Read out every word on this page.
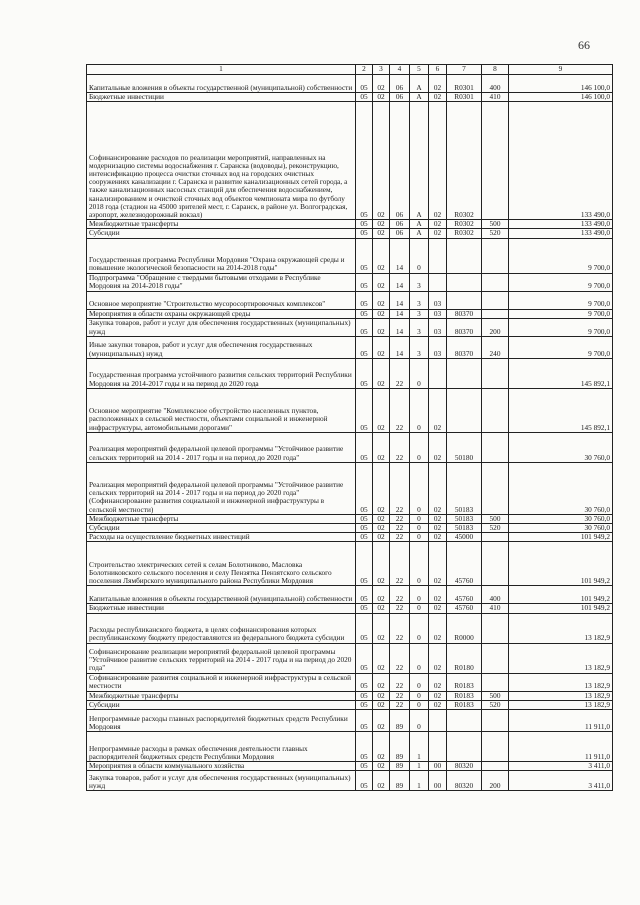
66
1	2	3	4	5	6	7	8	9
Капитальные вложения в объекты государственной (муниципальной) собственности	05	02	06	А	02	R0301	400	146 100,0
Бюджетные инвестиции	05	02	06	А	02	R0301	410	146 100,0
Софинансирование расходов по реализации мероприятий, направленных на модернизацию системы водоснабжения г. Саранска (водоводы), реконструкцию, интенсификацию процесса очистки сточных вод на городских очистных сооружениях канализации г. Саранска и развитие канализационных сетей города, а также канализационных насосных станций для обеспечения водоснабжением, канализированием и очисткой сточных вод объектов чемпионата мира по футболу 2018 года (стадион на 45000 зрителей мест, г. Саранск, в районе ул. Волгоградская, аэропорт, железнодорожный вокзал)	05	02	06	А	02	R0302		133 490,0
Межбюджетные трансферты	05	02	06	А	02	R0302	500	133 490,0
Субсидии	05	02	06	А	02	R0302	520	133 490,0
Государственная программа Республики Мордовия "Охрана окружающей среды и повышение экологической безопасности на 2014-2018 годы"	05	02	14	0				9 700,0
Подпрограмма "Обращение с твердыми бытовыми отходами в Республике Мордовия на 2014-2018 годы"	05	02	14	3				9 700,0
Основное мероприятие "Строительство мусоросортировочных комплексов"	05	02	14	3	03			9 700,0
Мероприятия в области охраны окружающей среды	05	02	14	3	03	80370		9 700,0
Закупка товаров, работ и услуг для обеспечения государственных (муниципальных) нужд	05	02	14	3	03	80370	200	9 700,0
Иные закупки товаров, работ и услуг для обеспечения государственных (муниципальных) нужд	05	02	14	3	03	80370	240	9 700,0
Государственная программа устойчивого развития сельских территорий Республики Мордовия на 2014-2017 годы и на период до 2020 года	05	02	22	0				145 892,1
Основное мероприятие "Комплексное обустройство населенных пунктов, расположенных в сельской местности, объектами социальной и инженерной инфраструктуры, автомобильными дорогами"	05	02	22	0	02			145 892,1
Реализация мероприятий федеральной целевой программы "Устойчивое развитие сельских территорий на 2014 - 2017 годы и на период до 2020 года"	05	02	22	0	02	50180		30 760,0
Реализация мероприятий федеральной целевой программы "Устойчивое развитие сельских территорий на 2014 - 2017 годы и на период до 2020 года" (Софинансирование развития социальной и инженерной инфраструктуры в сельской местности)	05	02	22	0	02	50183		30 760,0
Межбюджетные трансферты	05	02	22	0	02	50183	500	30 760,0
Субсидии	05	02	22	0	02	50183	520	30 760,0
Расходы на осуществление бюджетных инвестиций	05	02	22	0	02	45000		101 949,2
Строительство электрических сетей к селам Болотниково, Масловка Болотниковского сельского поселения и селу Пензятка Пензятского сельского поселения Лямбирского муниципального района Республики Мордовия	05	02	22	0	02	45760		101 949,2
Капитальные вложения в объекты государственной (муниципальной) собственности	05	02	22	0	02	45760	400	101 949,2
Бюджетные инвестиции	05	02	22	0	02	45760	410	101 949,2
Расходы республиканского бюджета, в целях софинансирования которых республиканскому бюджету предоставляются из федерального бюджета субсидии	05	02	22	0	02	R0000		13 182,9
Софинансирование реализации мероприятий федеральной целевой программы "Устойчивое развитие сельских территорий на 2014 - 2017 годы и на период до 2020 года"	05	02	22	0	02	R0180		13 182,9
Софинансирование развития социальной и инженерной инфраструктуры в сельской местности	05	02	22	0	02	R0183		13 182,9
Межбюджетные трансферты	05	02	22	0	02	R0183	500	13 182,9
Субсидии	05	02	22	0	02	R0183	520	13 182,9
Непрограммные расходы главных распорядителей бюджетных средств Республики Мордовия	05	02	89	0				11 911,0
Непрограммные расходы в рамках обеспечения деятельности главных распорядителей бюджетных средств Республики Мордовия	05	02	89	1				11 911,0
Мероприятия в области коммунального хозяйства	05	02	89	1	00	80320		3 411,0
Закупка товаров, работ и услуг для обеспечения государственных (муниципальных) нужд	05	02	89	1	00	80320	200	3 411,0
